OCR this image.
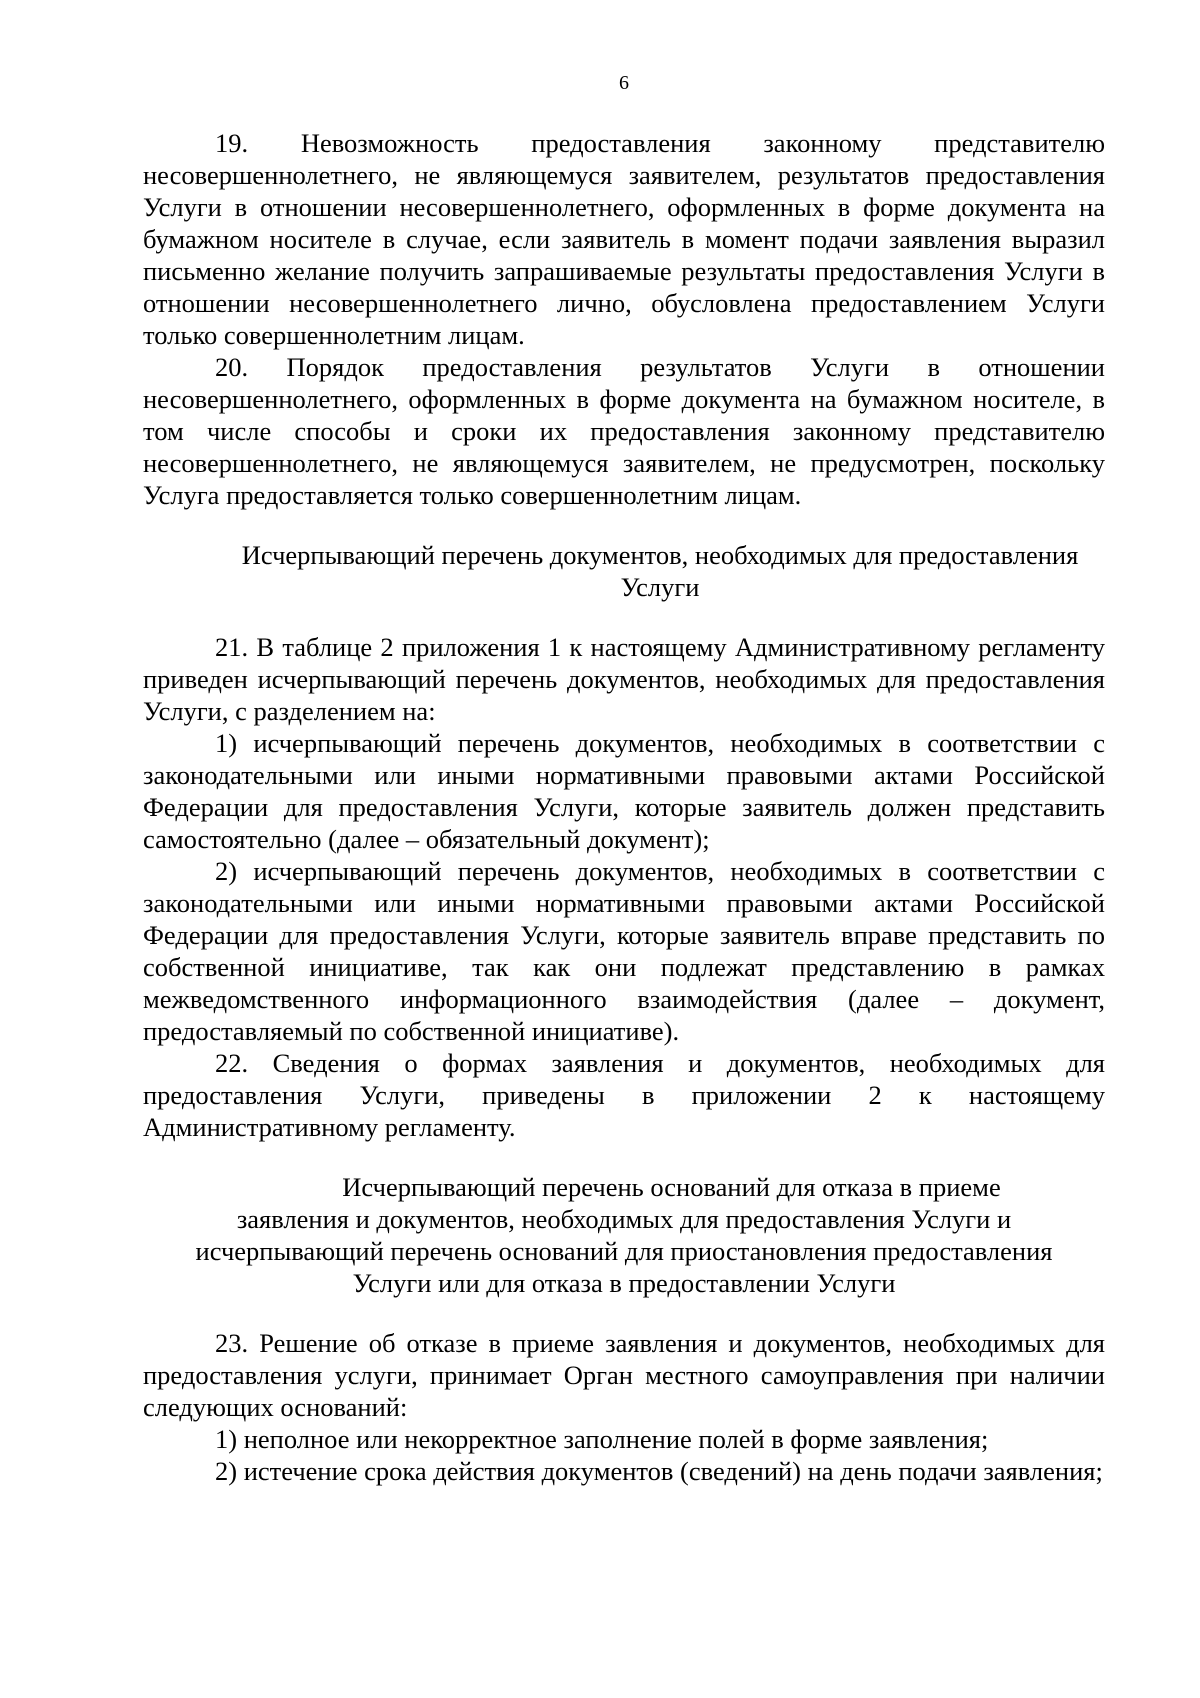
6

19. Невозможность предоставления законному представителю несовершеннолетнего, не являющемуся заявителем, результатов предоставления Услуги в отношении несовершеннолетнего, оформленных в форме документа на бумажном носителе в случае, если заявитель в момент подачи заявления выразил письменно желание получить запрашиваемые результаты предоставления Услуги в отношении несовершеннолетнего лично, обусловлена предоставлением Услуги только совершеннолетним лицам.

20. Порядок предоставления результатов Услуги в отношении несовершеннолетнего, оформленных в форме документа на бумажном носителе, в том числе способы и сроки их предоставления законному представителю несовершеннолетнего, не являющемуся заявителем, не предусмотрен, поскольку Услуга предоставляется только совершеннолетним лицам.

Исчерпывающий перечень документов, необходимых для предоставления Услуги

21. В таблице 2 приложения 1 к настоящему Административному регламенту приведен исчерпывающий перечень документов, необходимых для предоставления Услуги, с разделением на:

1) исчерпывающий перечень документов, необходимых в соответствии с законодательными или иными нормативными правовыми актами Российской Федерации для предоставления Услуги, которые заявитель должен представить самостоятельно (далее – обязательный документ);

2) исчерпывающий перечень документов, необходимых в соответствии с законодательными или иными нормативными правовыми актами Российской Федерации для предоставления Услуги, которые заявитель вправе представить по собственной инициативе, так как они подлежат представлению в рамках межведомственного информационного взаимодействия (далее – документ, предоставляемый по собственной инициативе).

22. Сведения о формах заявления и документов, необходимых для предоставления Услуги, приведены в приложении 2 к настоящему Административному регламенту.

Исчерпывающий перечень оснований для отказа в приеме
заявления и документов, необходимых для предоставления Услуги и
исчерпывающий перечень оснований для приостановления предоставления
Услуги или для отказа в предоставлении Услуги

23. Решение об отказе в приеме заявления и документов, необходимых для предоставления услуги, принимает Орган местного самоуправления при наличии следующих оснований:

1) неполное или некорректное заполнение полей в форме заявления;

2) истечение срока действия документов (сведений) на день подачи заявления;
